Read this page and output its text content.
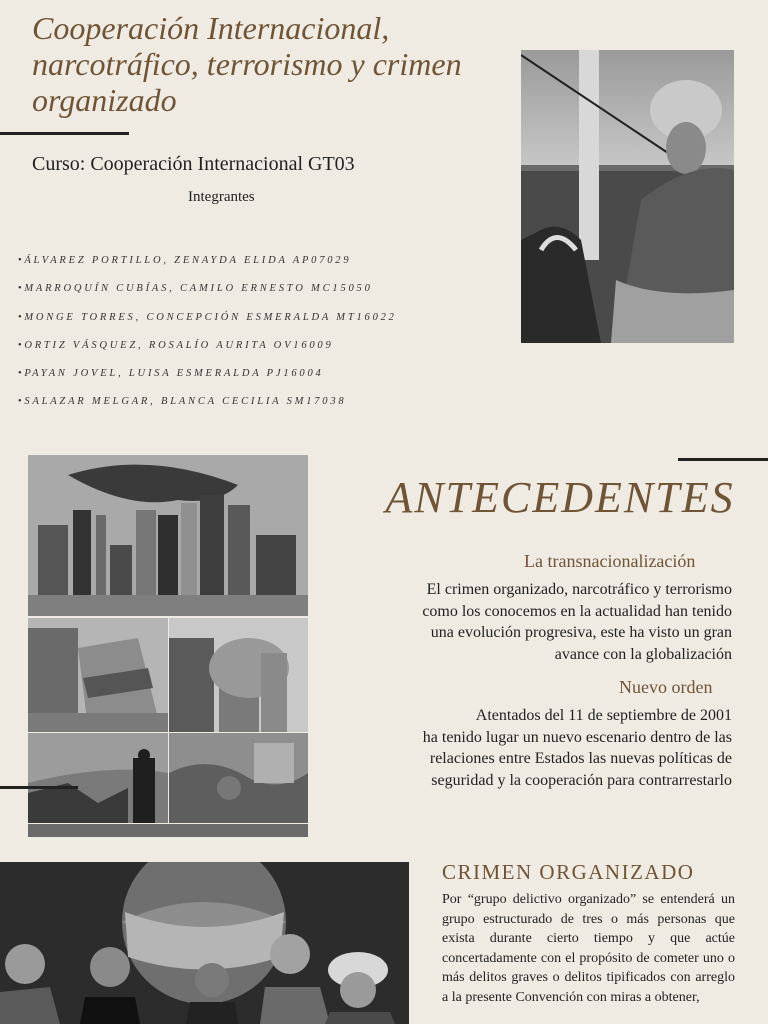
Cooperación Internacional, narcotráfico, terrorismo y crimen organizado
Curso: Cooperación Internacional GT03
Integrantes
• ÁLVAREZ PORTILLO, ZENAYDA ELIDA AP07029
• MARROQUÍN CUBÍAS, CAMILO ERNESTO MC15050
• MONGE TORRES, CONCEPCIÓN ESMERALDA MT16022
• ORTIZ VÁSQUEZ, ROSALÍO AURITA OV16009
• PAYAN JOVEL, LUISA ESMERALDA PJ16004
• SALAZAR MELGAR, BLANCA CECILIA SM17038
ANTECEDENTES
La transnacionalización
El crimen organizado, narcotráfico y terrorismo
como los conocemos en la actualidad han tenido
una evolución progresiva, este ha visto un gran
avance con la globalización
Nuevo orden
Atentados del 11 de septiembre de 2001
ha tenido lugar un nuevo escenario dentro de las
relaciones entre Estados las nuevas políticas de
seguridad y la cooperación para contrarrestarlo
CRIMEN ORGANIZADO
Por “grupo delictivo organizado” se entenderá un grupo estructurado de tres o más personas que exista durante cierto tiempo y que actúe concertadamente con el propósito de cometer uno o más delitos graves o delitos tipificados con arreglo a la presente Convención con miras a obtener,
